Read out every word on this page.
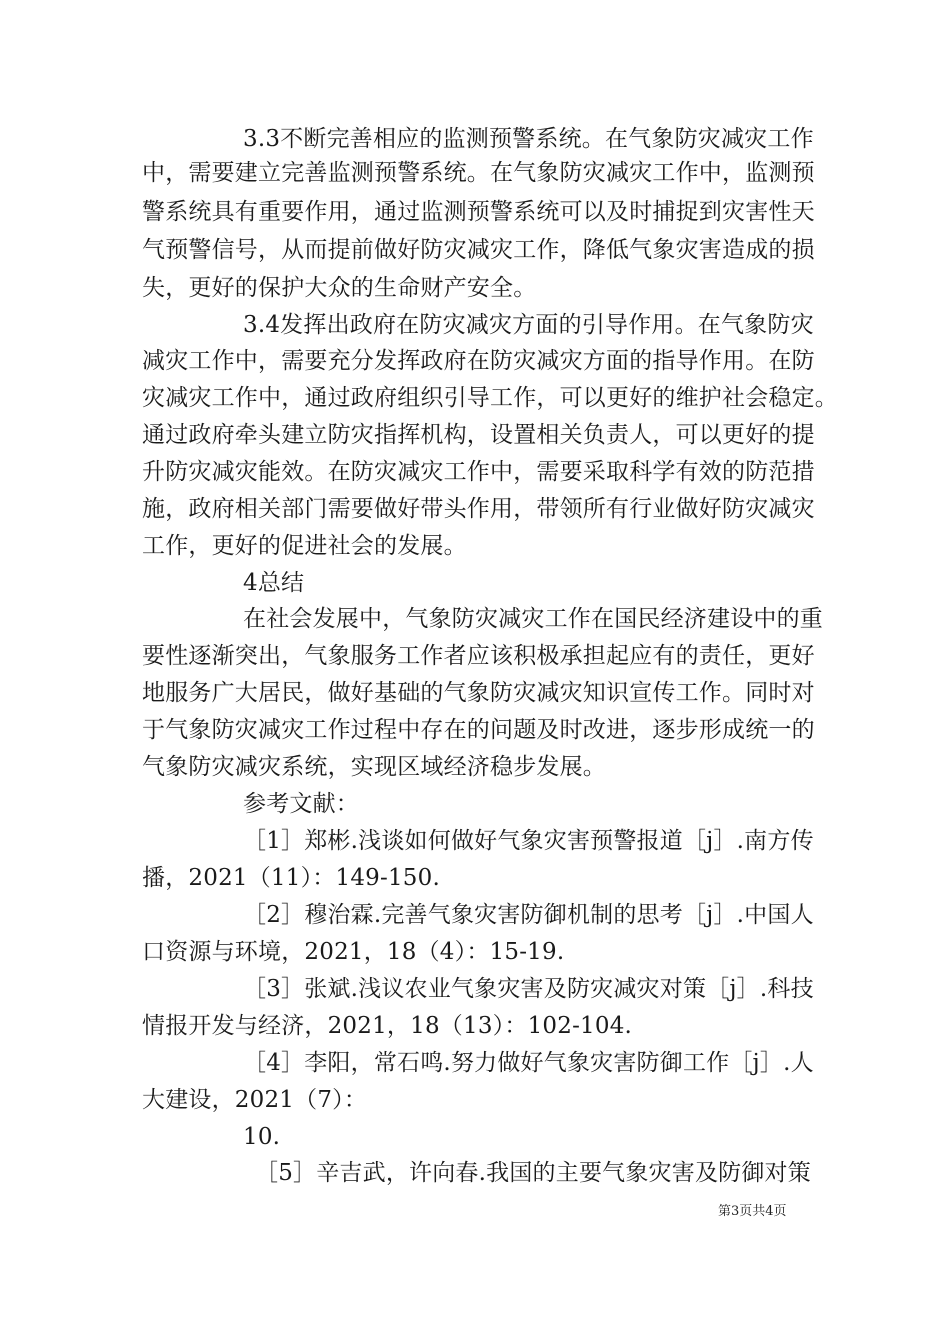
3.3不断完善相应的监测预警系统。在气象防灾减灾工作
中，需要建立完善监测预警系统。在气象防灾减灾工作中，监测预
警系统具有重要作用，通过监测预警系统可以及时捕捉到灾害性天
气预警信号，从而提前做好防灾减灾工作，降低气象灾害造成的损
失，更好的保护大众的生命财产安全。
3.4发挥出政府在防灾减灾方面的引导作用。在气象防灾
减灾工作中，需要充分发挥政府在防灾减灾方面的指导作用。在防
灾减灾工作中，通过政府组织引导工作，可以更好的维护社会稳定。
通过政府牵头建立防灾指挥机构，设置相关负责人，可以更好的提
升防灾减灾能效。在防灾减灾工作中，需要采取科学有效的防范措
施，政府相关部门需要做好带头作用，带领所有行业做好防灾减灾
工作，更好的促进社会的发展。
4总结
在社会发展中，气象防灾减灾工作在国民经济建设中的重
要性逐渐突出，气象服务工作者应该积极承担起应有的责任，更好
地服务广大居民，做好基础的气象防灾减灾知识宣传工作。同时对
于气象防灾减灾工作过程中存在的问题及时改进，逐步形成统一的
气象防灾减灾系统，实现区域经济稳步发展。
参考文献：
［1］郑彬.浅谈如何做好气象灾害预警报道［j］.南方传
播，2021（11）：149-150.
［2］穆治霖.完善气象灾害防御机制的思考［j］.中国人
口资源与环境，2021，18（4）：15-19.
［3］张斌.浅议农业气象灾害及防灾减灾对策［j］.科技
情报开发与经济，2021，18（13）：102-104.
［4］李阳，常石鸣.努力做好气象灾害防御工作［j］.人
大建设，2021（7）：
10.
［5］辛吉武，许向春.我国的主要气象灾害及防御对策
第3页共4页
